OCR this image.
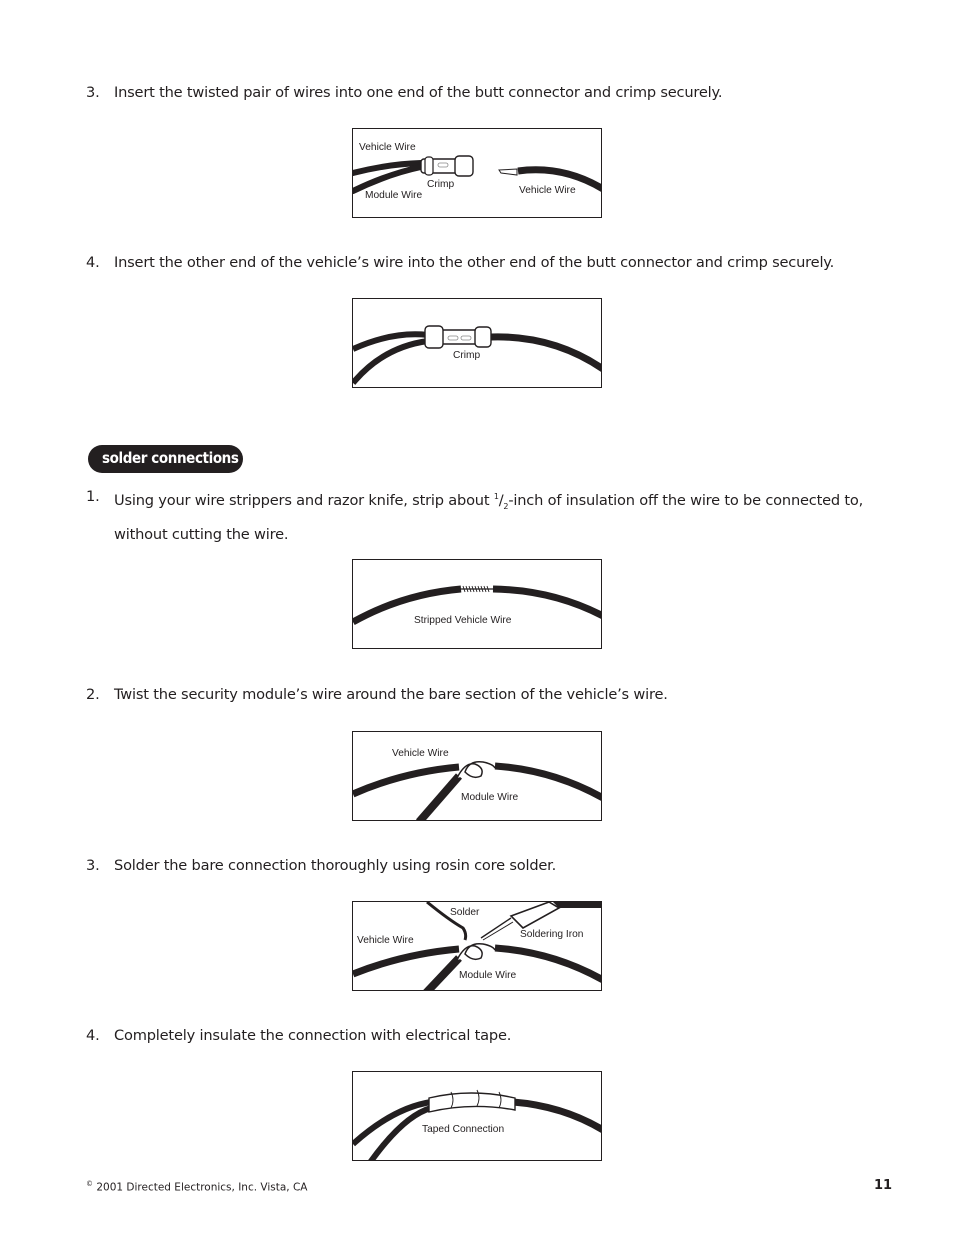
3. Insert the twisted pair of wires into one end of the butt connector and crimp securely.
Vehicle Wire
Crimp
Module Wire	Vehicle Wire
4. Insert the other end of the vehicle’s wire into the other end of the butt connector and crimp securely.
Crimp
solder connections
1. Using your wire strippers and razor knife, strip about $^1/_2$-inch of insulation off the wire to be connected to, without cutting the wire.
Stripped Vehicle Wire
2. Twist the security module’s wire around the bare section of the vehicle’s wire.
Vehicle Wire
Module Wire
3. Solder the bare connection thoroughly using rosin core solder.
Solder
Vehicle Wire
Soldering Iron
Module Wire
4. Completely insulate the connection with electrical tape.
Taped Connection
© 2001 Directed Electronics, Inc. Vista, CA	11
